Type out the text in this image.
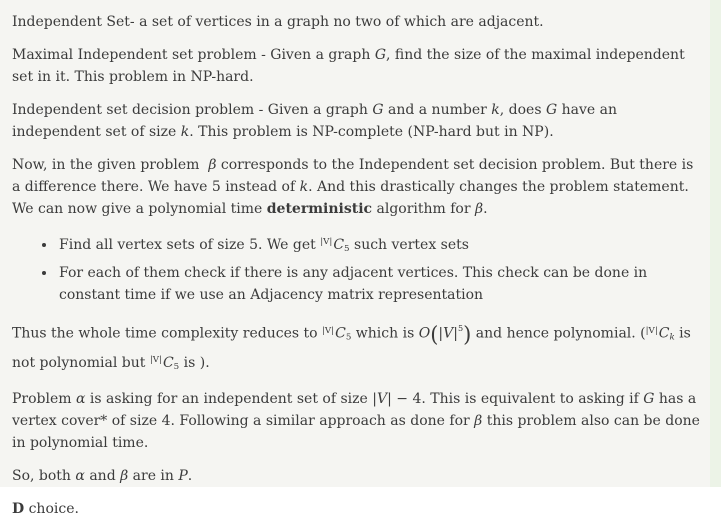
Independent Set- a set of vertices in a graph no two of which are adjacent.

Maximal Independent set problem - Given a graph G, find the size of the maximal independent set in it. This problem in NP-hard.

Independent set decision problem - Given a graph G and a number k, does G have an independent set of size k. This problem is NP-complete (NP-hard but in NP).

Now, in the given problem  β corresponds to the Independent set decision problem. But there is a difference there. We have 5 instead of k. And this drastically changes the problem statement. We can now give a polynomial time deterministic algorithm for β.

• Find all vertex sets of size 5. We get $^{|V|}$C5 such vertex sets
• For each of them check if there is any adjacent vertices. This check can be done in constant time if we use an Adjacency matrix representation

Thus the whole time complexity reduces to $^{|V|}$C5 which is $O(|V|^5)$ and hence polynomial. ($^{|V|}$Ck is not polynomial but $^{|V|}$C5 is ).

Problem α is asking for an independent set of size |V| − 4. This is equivalent to asking if G has a vertex cover* of size 4. Following a similar approach as done for β this problem also can be done in polynomial time.

So, both α and β are in P.

D choice.
